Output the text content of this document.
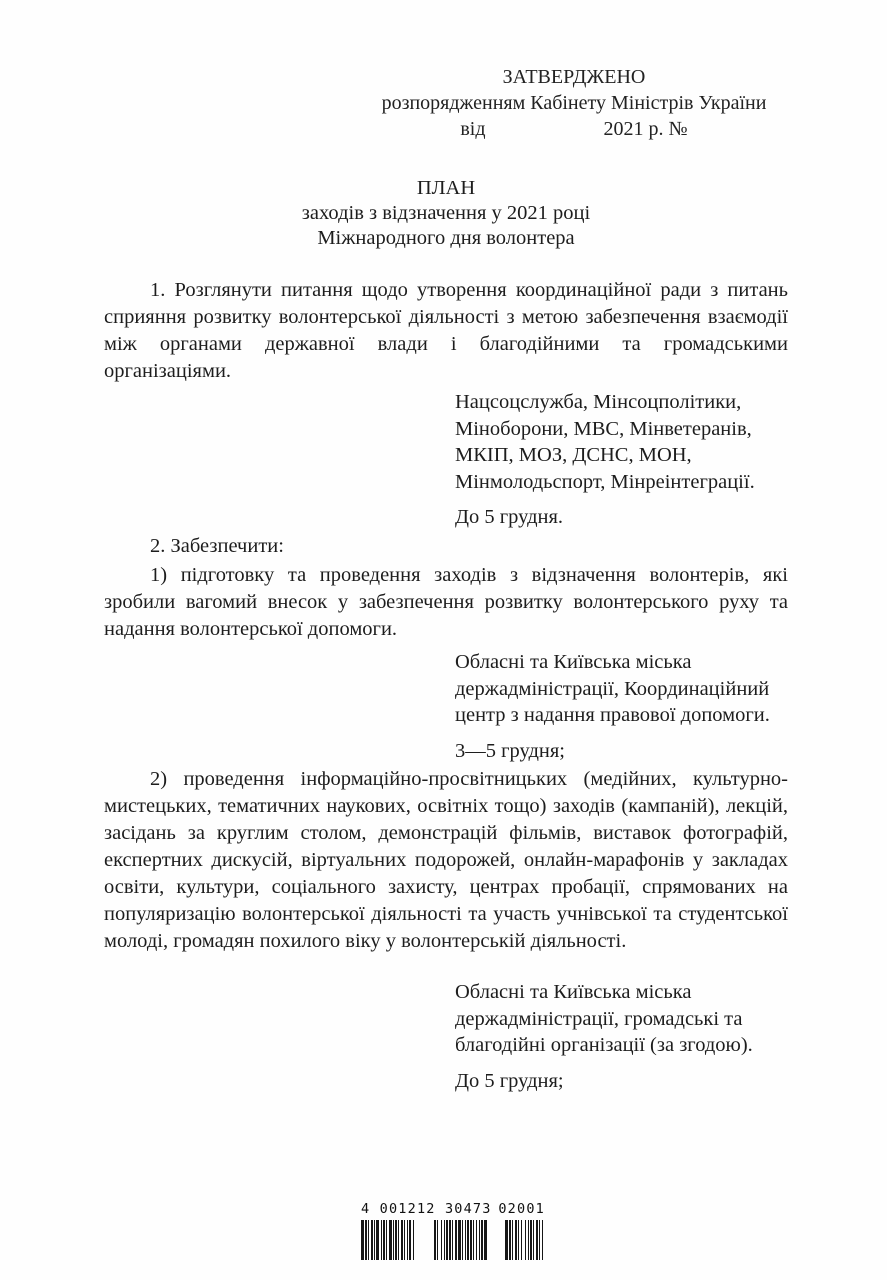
ЗАТВЕРДЖЕНО
розпорядженням Кабінету Міністрів України
від	2021 р. №
ПЛАН
заходів з відзначення у 2021 році
Міжнародного дня волонтера
1. Розглянути питання щодо утворення координаційної ради з питань сприяння розвитку волонтерської діяльності з метою забезпечення взаємодії між органами державної влади і благодійними та громадськими організаціями.
Нацсоцслужба, Мінсоцполітики,
Міноборони, МВС, Мінветеранів,
МКІП, МОЗ, ДСНС, МОН,
Мінмолодьспорт, Мінреінтеграції.
До 5 грудня.
2. Забезпечити:
1) підготовку та проведення заходів з відзначення волонтерів, які зробили вагомий внесок у забезпечення розвитку волонтерського руху та надання волонтерської допомоги.
Обласні та Київська міська
держадміністрації, Координаційний
центр з надання правової допомоги.
3—5 грудня;
2) проведення інформаційно-просвітницьких (медійних, культурно-мистецьких, тематичних наукових, освітніх тощо) заходів (кампаній), лекцій, засідань за круглим столом, демонстрацій фільмів, виставок фотографій, експертних дискусій, віртуальних подорожей, онлайн-марафонів у закладах освіти, культури, соціального захисту, центрах пробації, спрямованих на популяризацію волонтерської діяльності та участь учнівської та студентської молоді, громадян похилого віку у волонтерській діяльності.
Обласні та Київська міська
держадміністрації, громадські та
благодійні організації (за згодою).
До 5 грудня;
4 001212 30473 02001
